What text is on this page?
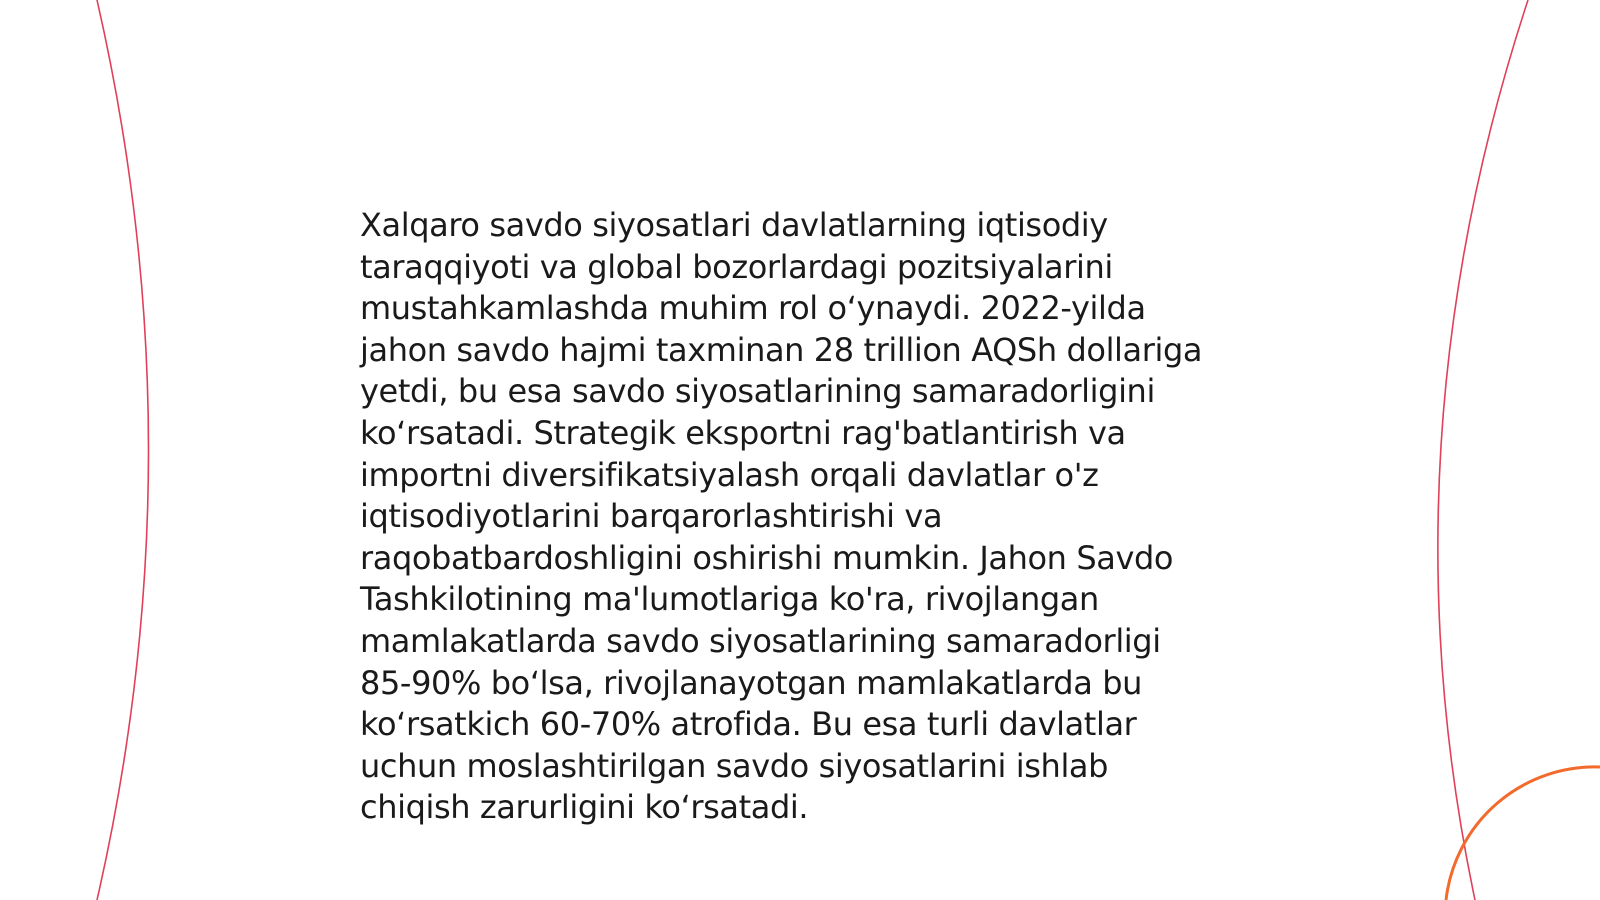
Xalqaro savdo siyosatlari davlatlarning iqtisodiy
taraqqiyoti va global bozorlardagi pozitsiyalarini
mustahkamlashda muhim rol o‘ynaydi. 2022-yilda
jahon savdo hajmi taxminan 28 trillion AQSh dollariga
yetdi, bu esa savdo siyosatlarining samaradorligini
ko‘rsatadi. Strategik eksportni rag'batlantirish va
importni diversifikatsiyalash orqali davlatlar o'z
iqtisodiyotlarini barqarorlashtirishi va
raqobatbardoshligini oshirishi mumkin. Jahon Savdo
Tashkilotining ma'lumotlariga ko'ra, rivojlangan
mamlakatlarda savdo siyosatlarining samaradorligi
85-90% bo‘lsa, rivojlanayotgan mamlakatlarda bu
ko‘rsatkich 60-70% atrofida. Bu esa turli davlatlar
uchun moslashtirilgan savdo siyosatlarini ishlab
chiqish zarurligini ko‘rsatadi.
